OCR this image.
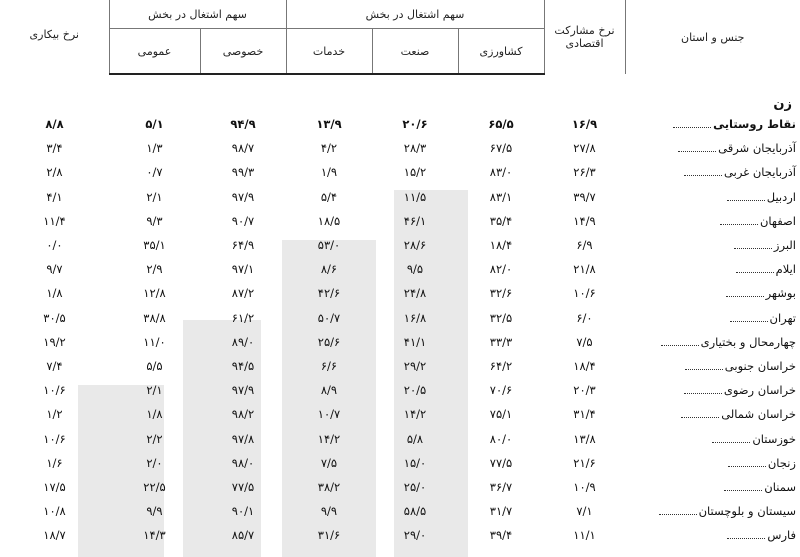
جنس و استان	نرخ مشارکت اقتصادی	سهم اشتغال در بخش			سهم اشتغال در بخش		نرخ بیکاری
		کشاورزی	صنعت	خدمات	خصوصی	عمومی	

زن							
نقاط روستایی	۱۶/۹	۶۵/۵	۲۰/۶	۱۳/۹	۹۴/۹	۵/۱	۸/۸
آذربایجان شرقی	۲۷/۸	۶۷/۵	۲۸/۳	۴/۲	۹۸/۷	۱/۳	۳/۴
آذربایجان غربی	۲۶/۳	۸۳/۰	۱۵/۲	۱/۹	۹۹/۳	۰/۷	۲/۸
اردبیل	۳۹/۷	۸۳/۱	۱۱/۵	۵/۴	۹۷/۹	۲/۱	۴/۱
اصفهان	۱۴/۹	۳۵/۴	۴۶/۱	۱۸/۵	۹۰/۷	۹/۳	۱۱/۴
البرز	۶/۹	۱۸/۴	۲۸/۶	۵۳/۰	۶۴/۹	۳۵/۱	۰/۰
ایلام	۲۱/۸	۸۲/۰	۹/۵	۸/۶	۹۷/۱	۲/۹	۹/۷
بوشهر	۱۰/۶	۳۲/۶	۲۴/۸	۴۲/۶	۸۷/۲	۱۲/۸	۱/۸
تهران	۶/۰	۳۲/۵	۱۶/۸	۵۰/۷	۶۱/۲	۳۸/۸	۳۰/۵
چهارمحال و بختیاری	۷/۵	۳۳/۳	۴۱/۱	۲۵/۶	۸۹/۰	۱۱/۰	۱۹/۲
خراسان جنوبی	۱۸/۴	۶۴/۲	۲۹/۲	۶/۶	۹۴/۵	۵/۵	۷/۴
خراسان رضوی	۲۰/۳	۷۰/۶	۲۰/۵	۸/۹	۹۷/۹	۲/۱	۱۰/۶
خراسان شمالی	۳۱/۴	۷۵/۱	۱۴/۲	۱۰/۷	۹۸/۲	۱/۸	۱/۲
خوزستان	۱۳/۸	۸۰/۰	۵/۸	۱۴/۲	۹۷/۸	۲/۲	۱۰/۶
زنجان	۲۱/۶	۷۷/۵	۱۵/۰	۷/۵	۹۸/۰	۲/۰	۱/۶
سمنان	۱۰/۹	۳۶/۷	۲۵/۰	۳۸/۲	۷۷/۵	۲۲/۵	۱۷/۵
سیستان و بلوچستان	۷/۱	۳۱/۷	۵۸/۵	۹/۹	۹۰/۱	۹/۹	۱۰/۸
فارس	۱۱/۱	۳۹/۴	۲۹/۰	۳۱/۶	۸۵/۷	۱۴/۳	۱۸/۷
